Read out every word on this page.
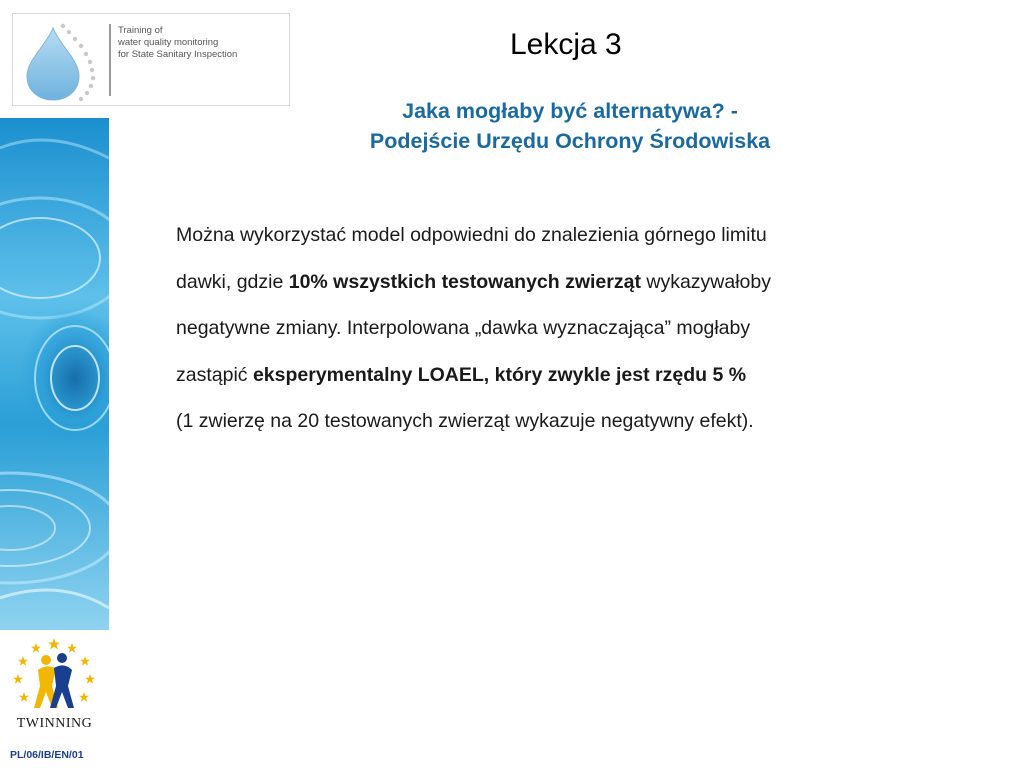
Training of
water quality monitoring
for State Sanitary Inspection
TWINNING
PL/06/IB/EN/01
Lekcja 3
Jaka mogłaby być alternatywa? -
Podejście Urzędu Ochrony Środowiska
Można wykorzystać model odpowiedni do znalezienia górnego limitu
dawki, gdzie 10% wszystkich testowanych zwierząt wykazywałoby
negatywne zmiany. Interpolowana „dawka wyznaczająca” mogłaby
zastąpić eksperymentalny LOAEL, który zwykle jest rzędu 5 %
(1 zwierzę na 20 testowanych zwierząt wykazuje negatywny efekt).
